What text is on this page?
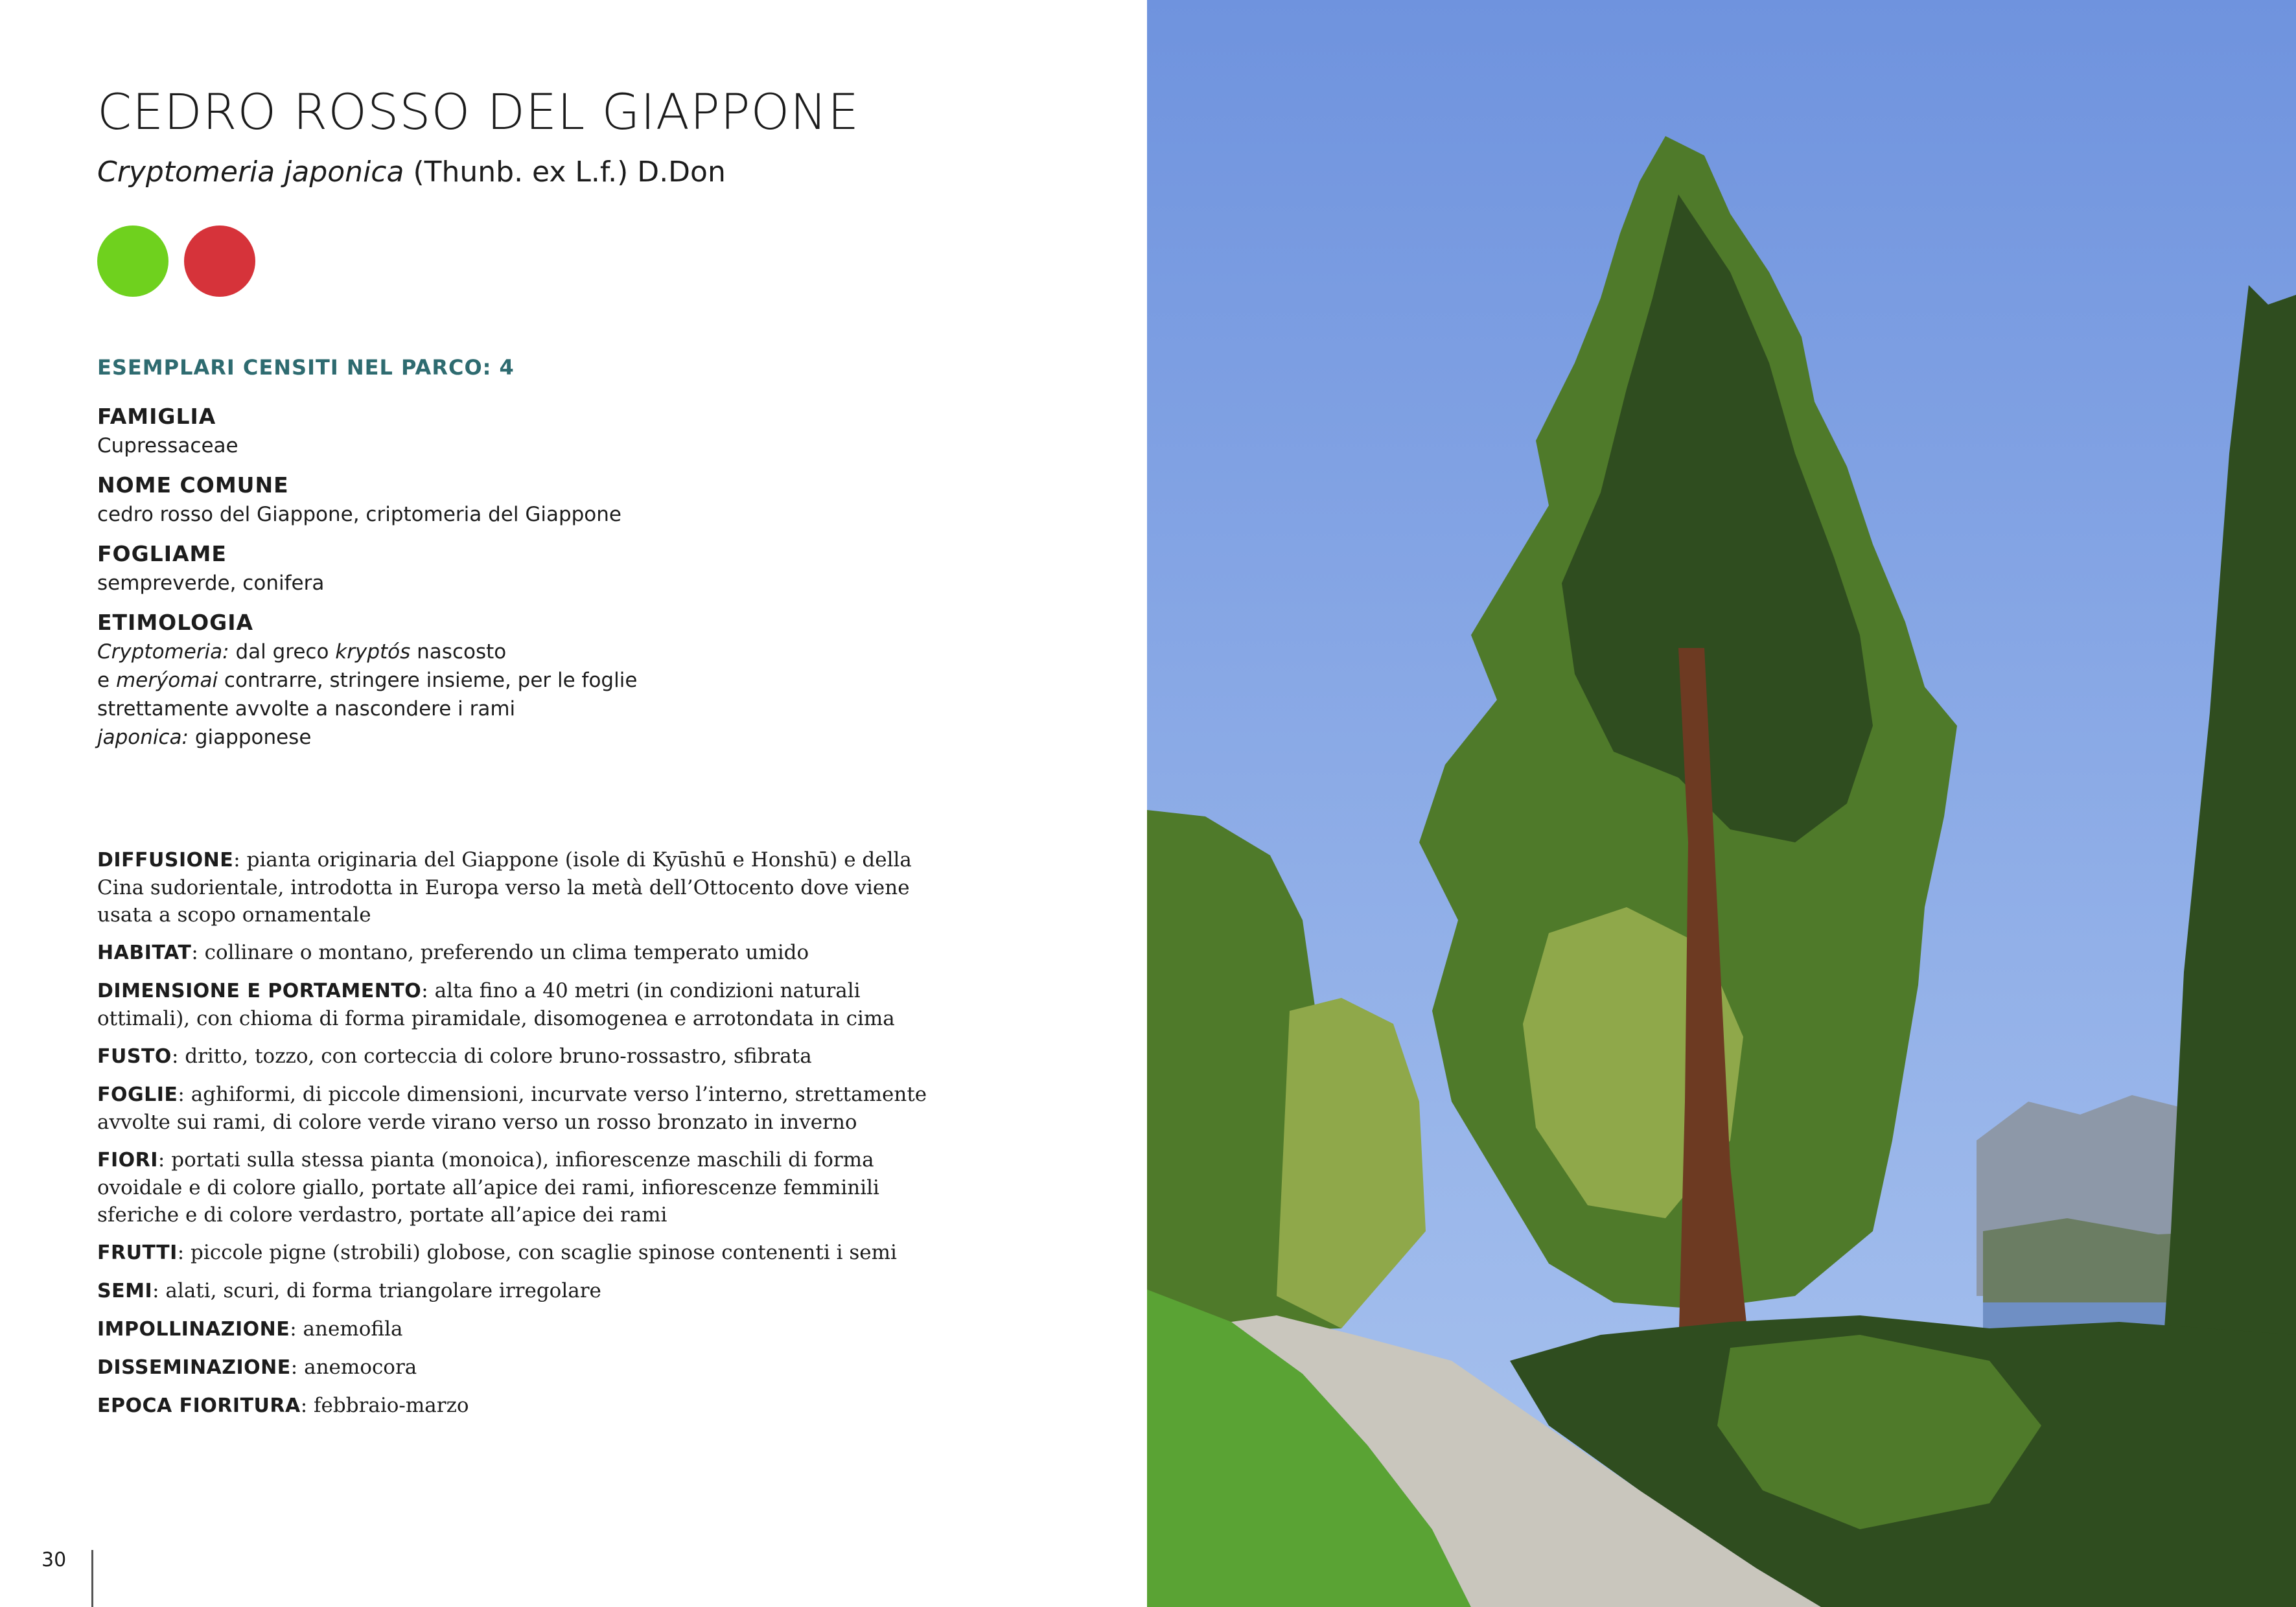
CEDRO ROSSO DEL GIAPPONE
Cryptomeria japonica (Thunb. ex L.f.) D.Don
ESEMPLARI CENSITI NEL PARCO: 4
FAMIGLIA
Cupressaceae
NOME COMUNE
cedro rosso del Giappone, criptomeria del Giappone
FOGLIAME
sempreverde, conifera
ETIMOLOGIA
Cryptomeria: dal greco kryptós nascosto
e merýomai contrarre, stringere insieme, per le foglie
strettamente avvolte a nascondere i rami
japonica: giapponese

DIFFUSIONE: pianta originaria del Giappone (isole di Kyūshū e Honshū) e della Cina sudorientale, introdotta in Europa verso la metà dell’Ottocento dove viene usata a scopo ornamentale

HABITAT: collinare o montano, preferendo un clima temperato umido

DIMENSIONE E PORTAMENTO: alta fino a 40 metri (in condizioni naturali ottimali), con chioma di forma piramidale, disomogenea e arrotondata in cima

FUSTO: dritto, tozzo, con corteccia di colore bruno-rossastro, sfibrata

FOGLIE: aghiformi, di piccole dimensioni, incurvate verso l’interno, strettamente avvolte sui rami, di colore verde virano verso un rosso bronzato in inverno

FIORI: portati sulla stessa pianta (monoica), infiorescenze maschili di forma ovoidale e di colore giallo, portate all’apice dei rami, infiorescenze femminili sferiche e di colore verdastro, portate all’apice dei rami

FRUTTI: piccole pigne (strobili) globose, con scaglie spinose contenenti i semi

SEMI: alati, scuri, di forma triangolare irregolare

IMPOLLINAZIONE: anemofila

DISSEMINAZIONE: anemocora

EPOCA FIORITURA: febbraio-marzo

30
